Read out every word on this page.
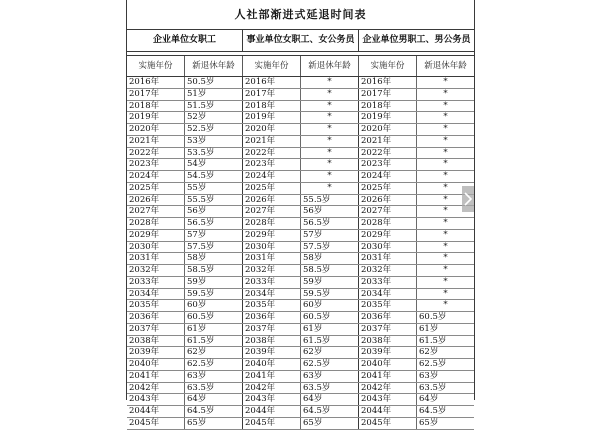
人社部渐进式延退时间表
企业单位女职工	事业单位女职工、女公务员 企业单位男职工、男公务员
实施年份	新退休年龄	实施年份	新退休年龄	实施年份	新退休年龄
2016年	50.5岁	2016年	*	2016年	*
2017年	51岁	2017年	*	2017年	*
2018年	51.5岁	2018年	*	2018年	*
2019年	52岁	2019年	*	2019年	*
2020年	52.5岁	2020年	*	2020年	*
2021年	53岁	2021年	*	2021年	*
2022年	53.5岁	2022年	*	2022年	*
2023年	54岁	2023年	*	2023年	*
2024年	54.5岁	2024年	*	2024年	*
2025年	55岁	2025年	*	2025年	*
2026年	55.5岁	2026年	55.5岁	2026年	*
2027年	56岁	2027年	56岁	2027年	*
2028年	56.5岁	2028年	56.5岁	2028年	*
2029年	57岁	2029年	57岁	2029年	*
2030年	57.5岁	2030年	57.5岁	2030年	*
2031年	58岁	2031年	58岁	2031年	*
2032年	58.5岁	2032年	58.5岁	2032年	*
2033年	59岁	2033年	59岁	2033年	*
2034年	59.5岁	2034年	59.5岁	2034年	*
2035年	60岁	2035年	60岁	2035年	*
2036年	60.5岁	2036年	60.5岁	2036年	60.5岁
2037年	61岁	2037年	61岁	2037年	61岁
2038年	61.5岁	2038年	61.5岁	2038年	61.5岁
2039年	62岁	2039年	62岁	2039年	62岁
2040年	62.5岁	2040年	62.5岁	2040年	62.5岁
2041年	63岁	2041年	63岁	2041年	63岁
2042年	63.5岁	2042年	63.5岁	2042年	63.5岁
2043年	64岁	2043年	64岁	2043年	64岁
2044年	64.5岁	2044年	64.5岁	2044年	64.5岁
2045年	65岁	2045年	65岁	2045年	65岁
